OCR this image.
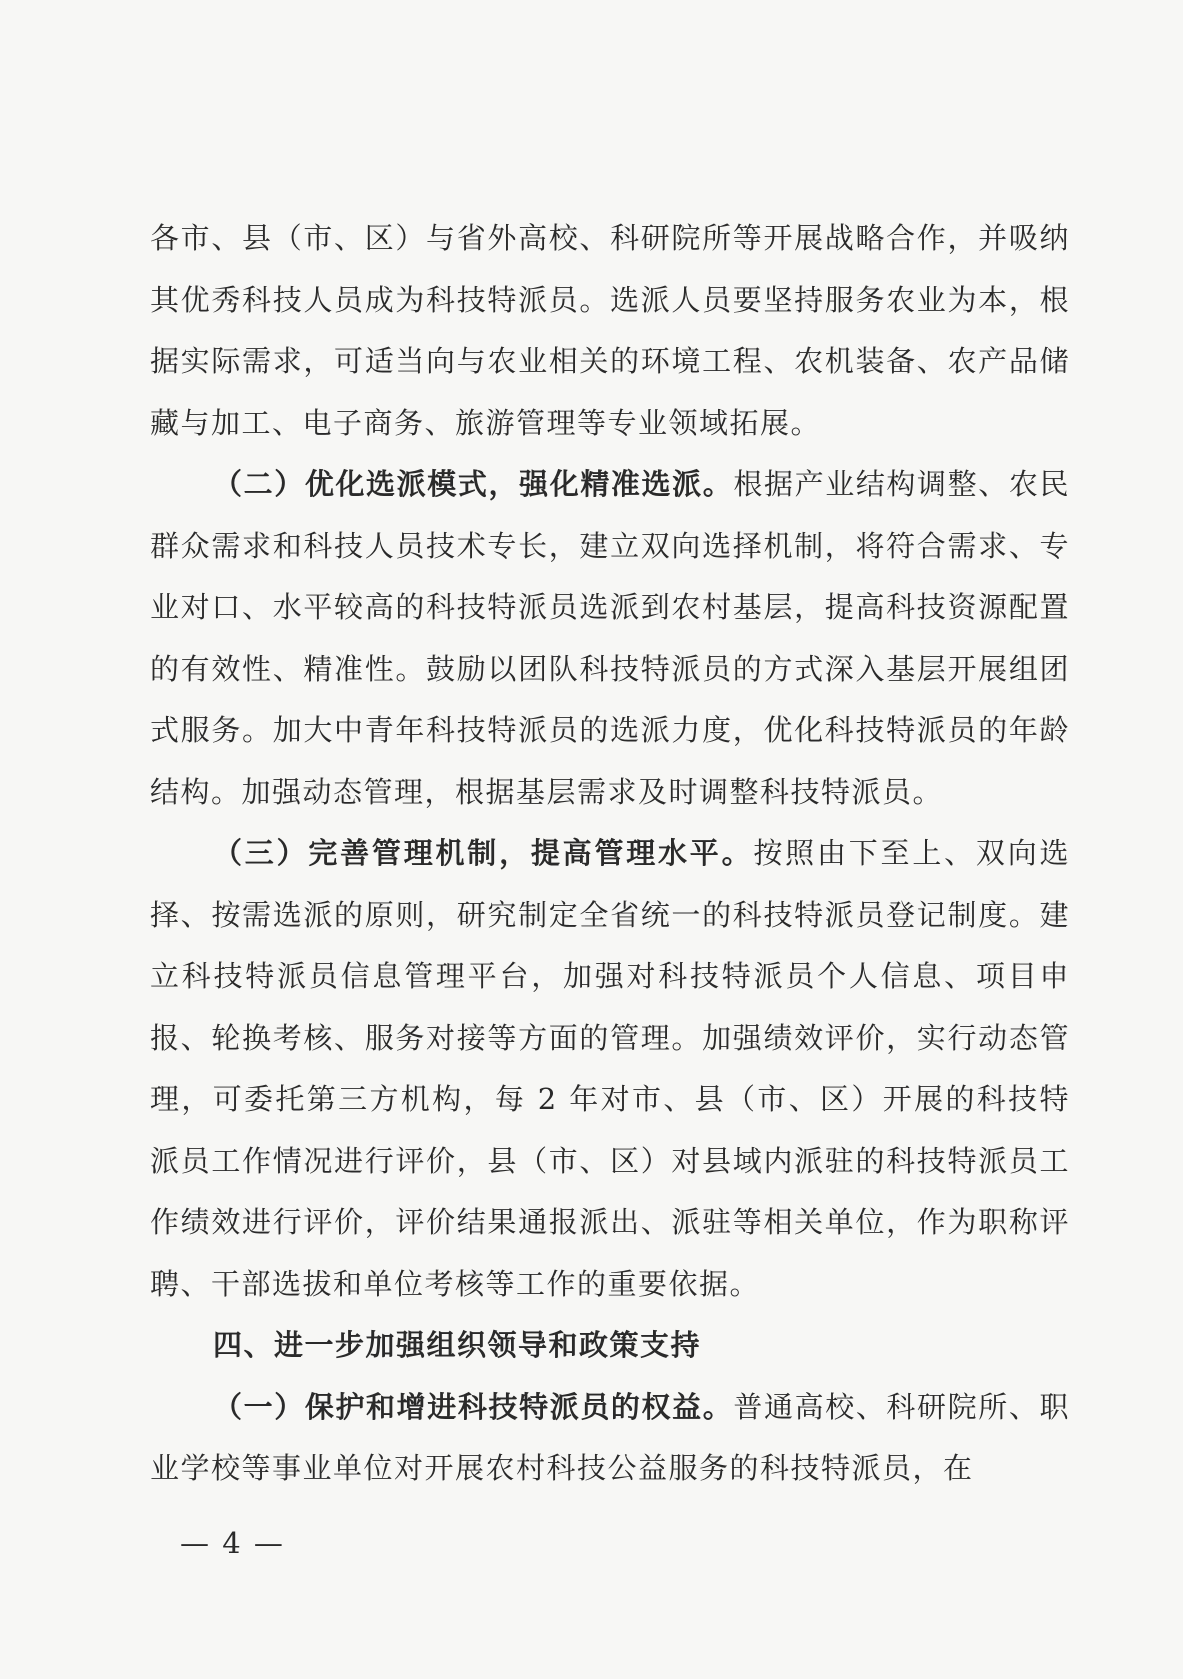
各市、县（市、区）与省外高校、科研院所等开展战略合作，并吸纳其优秀科技人员成为科技特派员。选派人员要坚持服务农业为本，根据实际需求，可适当向与农业相关的环境工程、农机装备、农产品储藏与加工、电子商务、旅游管理等专业领域拓展。

（二）优化选派模式，强化精准选派。根据产业结构调整、农民群众需求和科技人员技术专长，建立双向选择机制，将符合需求、专业对口、水平较高的科技特派员选派到农村基层，提高科技资源配置的有效性、精准性。鼓励以团队科技特派员的方式深入基层开展组团式服务。加大中青年科技特派员的选派力度，优化科技特派员的年龄结构。加强动态管理，根据基层需求及时调整科技特派员。

（三）完善管理机制，提高管理水平。按照由下至上、双向选择、按需选派的原则，研究制定全省统一的科技特派员登记制度。建立科技特派员信息管理平台，加强对科技特派员个人信息、项目申报、轮换考核、服务对接等方面的管理。加强绩效评价，实行动态管理，可委托第三方机构，每 2 年对市、县（市、区）开展的科技特派员工作情况进行评价，县（市、区）对县域内派驻的科技特派员工作绩效进行评价，评价结果通报派出、派驻等相关单位，作为职称评聘、干部选拔和单位考核等工作的重要依据。

四、进一步加强组织领导和政策支持

（一）保护和增进科技特派员的权益。普通高校、科研院所、职业学校等事业单位对开展农村科技公益服务的科技特派员，在

— 4 —
